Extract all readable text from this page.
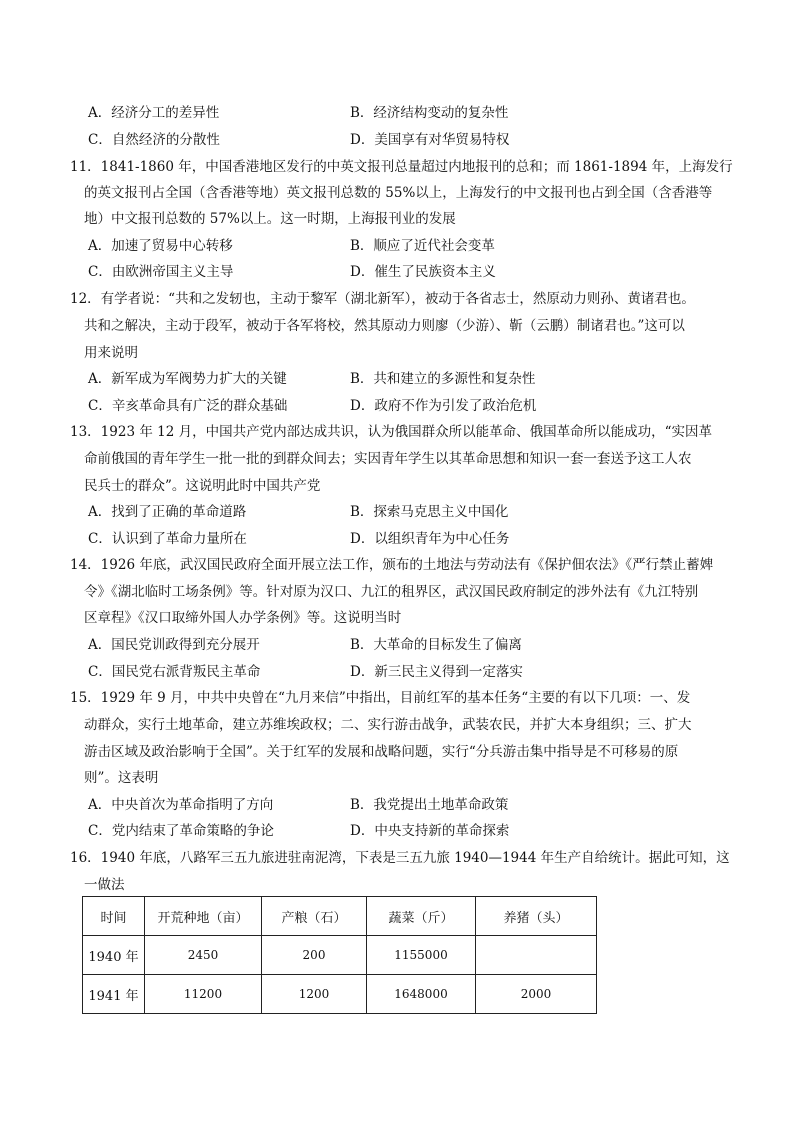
A．经济分工的差异性	B．经济结构变动的复杂性
C．自然经济的分散性	D．美国享有对华贸易特权
11．1841-1860 年，中国香港地区发行的中英文报刊总量超过内地报刊的总和；而 1861-1894 年，上海发行
的英文报刊占全国（含香港等地）英文报刊总数的 55%以上，上海发行的中文报刊也占到全国（含香港等
地）中文报刊总数的 57%以上。这一时期，上海报刊业的发展
A．加速了贸易中心转移	B．顺应了近代社会变革
C．由欧洲帝国主义主导	D．催生了民族资本主义
12．有学者说：“共和之发轫也，主动于黎军（湖北新军），被动于各省志士，然原动力则孙、黄诸君也。
共和之解决，主动于段军，被动于各军将校，然其原动力则廖（少游）、靳（云鹏）制诸君也。”这可以
用来说明
A．新军成为军阀势力扩大的关键	B．共和建立的多源性和复杂性
C．辛亥革命具有广泛的群众基础	D．政府不作为引发了政治危机
13．1923 年 12 月，中国共产党内部达成共识，认为俄国群众所以能革命、俄国革命所以能成功，“实因革
命前俄国的青年学生一批一批的到群众间去；实因青年学生以其革命思想和知识一套一套送予这工人农
民兵士的群众”。这说明此时中国共产党
A．找到了正确的革命道路	B．探索马克思主义中国化
C．认识到了革命力量所在	D．以组织青年为中心任务
14．1926 年底，武汉国民政府全面开展立法工作，颁布的土地法与劳动法有《保护佃农法》《严行禁止蓄婢
令》《湖北临时工场条例》等。针对原为汉口、九江的租界区，武汉国民政府制定的涉外法有《九江特别
区章程》《汉口取缔外国人办学条例》等。这说明当时
A．国民党训政得到充分展开	B．大革命的目标发生了偏离
C．国民党右派背叛民主革命	D．新三民主义得到一定落实
15．1929 年 9 月，中共中央曾在“九月来信”中指出，目前红军的基本任务“主要的有以下几项：一、发
动群众，实行土地革命，建立苏维埃政权；二、实行游击战争，武装农民，并扩大本身组织；三、扩大
游击区域及政治影响于全国”。关于红军的发展和战略问题，实行“分兵游击集中指导是不可移易的原
则”。这表明
A．中央首次为革命指明了方向	B．我党提出土地革命政策
C．党内结束了革命策略的争论	D．中央支持新的革命探索
16．1940 年底，八路军三五九旅进驻南泥湾，下表是三五九旅 1940—1944 年生产自给统计。据此可知，这
一做法
时间	开荒种地（亩）	产粮（石）	蔬菜（斤）	养猪（头）
1940 年	2450	200	1155000	
1941 年	11200	1200	1648000	2000
